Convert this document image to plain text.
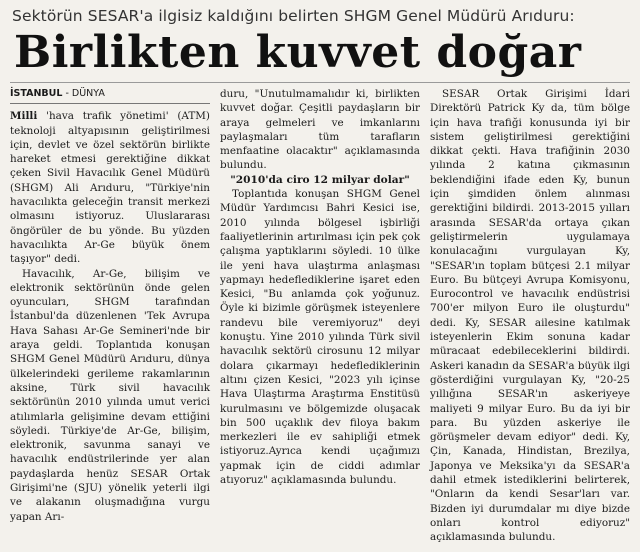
Sektörün SESAR'a ilgisiz kaldığını belirten SHGM Genel Müdürü Arıduru:
Birlikten kuvvet doğar
İSTANBUL - DÜNYA

Milli 'hava trafik yönetimi' (ATM) teknoloji altyapısının geliştirilmesi için, devlet ve özel sektörün birlikte hareket etmesi gerektiğine dikkat çeken Sivil Havacılık Genel Müdürü (SHGM) Ali Arıduru, "Türkiye'nin havacılıkta geleceğin transit merkezi olmasını istiyoruz. Uluslararası öngörüler de bu yönde. Bu yüzden havacılıkta Ar-Ge büyük önem taşıyor" dedi.

Havacılık, Ar-Ge, bilişim ve elektronik sektörünün önde gelen oyuncuları, SHGM tarafından İstanbul'da düzenlenen 'Tek Avrupa Hava Sahası Ar-Ge Semineri'nde bir araya geldi. Toplantıda konuşan SHGM Genel Müdürü Arıduru, dünya ülkelerindeki gerileme rakamlarının aksine, Türk sivil havacılık sektörünün 2010 yılında umut verici atılımlarla gelişimine devam ettiğini söyledi. Türkiye'de Ar-Ge, bilişim, elektronik, savunma sanayi ve havacılık endüstrilerinde yer alan paydaşlarda henüz SESAR Ortak Girişimi'ne (SJU) yönelik yeterli ilgi ve alakanın oluşmadığına vurgu yapan Arı-

duru, "Unutulmamalıdır ki, birlikten kuvvet doğar. Çeşitli paydaşların bir araya gelmeleri ve imkanlarını paylaşmaları tüm tarafların menfaatine olacaktır" açıklamasında bulundu.

"2010'da ciro 12 milyar dolar"

Toplantıda konuşan SHGM Genel Müdür Yardımcısı Bahri Kesici ise, 2010 yılında bölgesel işbirliği faaliyetlerinin artırılması için pek çok çalışma yaptıklarını söyledi. 10 ülke ile yeni hava ulaştırma anlaşması yapmayı hedeflediklerine işaret eden Kesici, "Bu anlamda çok yoğunuz. Öyle ki bizimle görüşmek isteyenlere randevu bile veremiyoruz" deyi konuştu. Yine 2010 yılında Türk sivil havacılık sektörü cirosunu 12 milyar dolara çıkarmayı hedeflediklerinin altını çizen Kesici, "2023 yılı içinse Hava Ulaştırma Araştırma Enstitüsü kurulmasını ve bölgemizde oluşacak bin 500 uçaklık dev filoya bakım merkezleri ile ev sahipliği etmek istiyoruz.Ayrıca kendi uçağımızı yapmak için de ciddi adımlar atıyoruz" açıklamasında bulundu.

SESAR Ortak Girişimi İdari Direktörü Patrick Ky da, tüm bölge için hava trafiği konusunda iyi bir sistem geliştirilmesi gerektiğini dikkat çekti. Hava trafiğinin 2030 yılında 2 katına çıkmasının beklendiğini ifade eden Ky, bunun için şimdiden önlem alınması gerektiğini bildirdi. 2013-2015 yılları arasında SESAR'da ortaya çıkan geliştirmelerin uygulamaya konulacağını vurgulayan Ky, "SESAR'ın toplam bütçesi 2.1 milyar Euro. Bu bütçeyi Avrupa Komisyonu, Eurocontrol ve havacılık endüstrisi 700'er milyon Euro ile oluşturdu" dedi. Ky, SESAR ailesine katılmak isteyenlerin Ekim sonuna kadar müracaat edebileceklerini bildirdi. Askeri kanadın da SESAR'a büyük ilgi gösterdiğini vurgulayan Ky, "20-25 yıllığına SESAR'ın askeriyeye maliyeti 9 milyar Euro. Bu da iyi bir para. Bu yüzden askeriye ile görüşmeler devam ediyor" dedi. Ky, Çin, Kanada, Hindistan, Brezilya, Japonya ve Meksika'yı da SESAR'a dahil etmek istediklerini belirterek, "Onların da kendi Sesar'ları var. Bizden iyi durumdalar mı diye bizde onları kontrol ediyoruz" açıklamasında bulundu.
